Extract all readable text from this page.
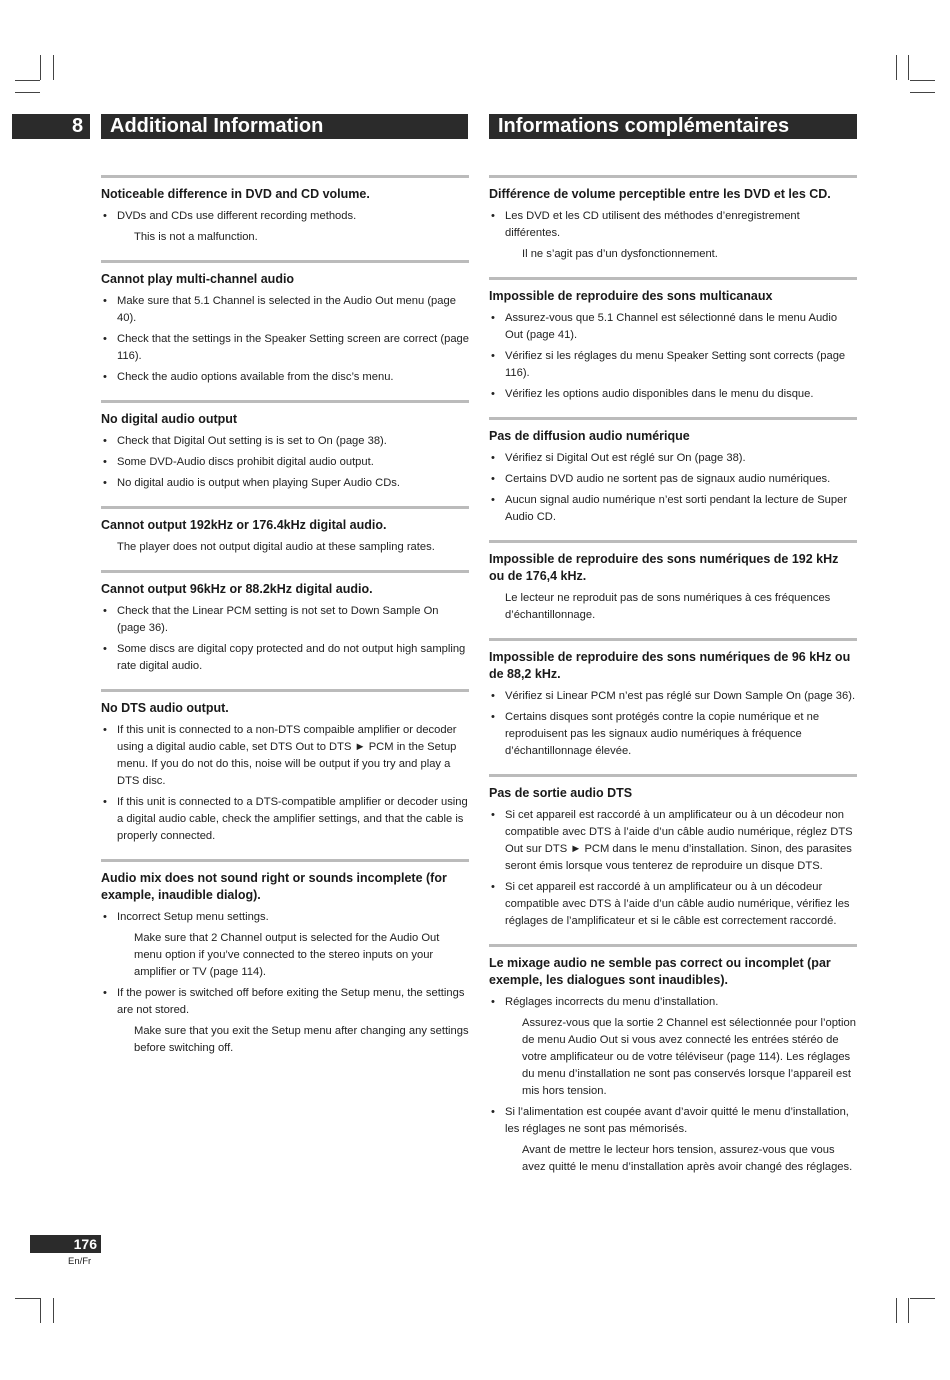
8	Additional Information	Informations complémentaires
Noticeable difference in DVD and CD volume.
• DVDs and CDs use different recording methods.
This is not a malfunction.
Cannot play multi-channel audio
• Make sure that 5.1 Channel is selected in the Audio Out menu (page 40).
• Check that the settings in the Speaker Setting screen are correct (page 116).
• Check the audio options available from the disc’s menu.
No digital audio output
• Check that Digital Out setting is is set to On (page 38).
• Some DVD-Audio discs prohibit digital audio output.
• No digital audio is output when playing Super Audio CDs.
Cannot output 192kHz or 176.4kHz digital audio.
The player does not output digital audio at these sampling rates.
Cannot output 96kHz or 88.2kHz digital audio.
• Check that the Linear PCM setting is not set to Down Sample On (page 36).
• Some discs are digital copy protected and do not output high sampling rate digital audio.
No DTS audio output.
• If this unit is connected to a non-DTS compaible amplifier or decoder using a digital audio cable, set DTS Out to DTS ► PCM in the Setup menu. If you do not do this, noise will be output if you try and play a DTS disc.
• If this unit is connected to a DTS-compatible amplifier or decoder using a digital audio cable, check the amplifier settings, and that the cable is properly connected.
Audio mix does not sound right or sounds incomplete (for example, inaudible dialog).
• Incorrect Setup menu settings.
Make sure that 2 Channel output is selected for the Audio Out menu option if you’ve connected to the stereo inputs on your amplifier or TV (page 114).
• If the power is switched off before exiting the Setup menu, the settings are not stored.
Make sure that you exit the Setup menu after changing any settings before switching off.
Différence de volume perceptible entre les DVD et les CD.
• Les DVD et les CD utilisent des méthodes d’enregistrement différentes.
Il ne s’agit pas d’un dysfonctionnement.
Impossible de reproduire des sons multicanaux
• Assurez-vous que 5.1 Channel est sélectionné dans le menu Audio Out (page 41).
• Vérifiez si les réglages du menu Speaker Setting sont corrects (page 116).
• Vérifiez les options audio disponibles dans le menu du disque.
Pas de diffusion audio numérique
• Vérifiez si Digital Out est réglé sur On (page 38).
• Certains DVD audio ne sortent pas de signaux audio numériques.
• Aucun signal audio numérique n’est sorti pendant la lecture de Super Audio CD.
Impossible de reproduire des sons numériques de 192 kHz ou de 176,4 kHz.
Le lecteur ne reproduit pas de sons numériques à ces fréquences d’échantillonnage.
Impossible de reproduire des sons numériques de 96 kHz ou de 88,2 kHz.
• Vérifiez si Linear PCM n’est pas réglé sur Down Sample On (page 36).
• Certains disques sont protégés contre la copie numérique et ne reproduisent pas les signaux audio numériques à fréquence d’échantillonnage élevée.
Pas de sortie audio DTS
• Si cet appareil est raccordé à un amplificateur ou à un décodeur non compatible avec DTS à l’aide d’un câble audio numérique, réglez DTS Out sur DTS ► PCM dans le menu d’installation. Sinon, des parasites seront émis lorsque vous tenterez de reproduire un disque DTS.
• Si cet appareil est raccordé à un amplificateur ou à un décodeur compatible avec DTS à l’aide d’un câble audio numérique, vérifiez les réglages de l’amplificateur et si le câble est correctement raccordé.
Le mixage audio ne semble pas correct ou incomplet (par exemple, les dialogues sont inaudibles).
• Réglages incorrects du menu d’installation.
Assurez-vous que la sortie 2 Channel est sélectionnée pour l’option de menu Audio Out si vous avez connecté les entrées stéréo de votre amplificateur ou de votre téléviseur (page 114). Les réglages du menu d’installation ne sont pas conservés lorsque l’appareil est mis hors tension.
• Si l’alimentation est coupée avant d’avoir quitté le menu d’installation, les réglages ne sont pas mémorisés.
Avant de mettre le lecteur hors tension, assurez-vous que vous avez quitté le menu d’installation après avoir changé des réglages.
176
En/Fr
